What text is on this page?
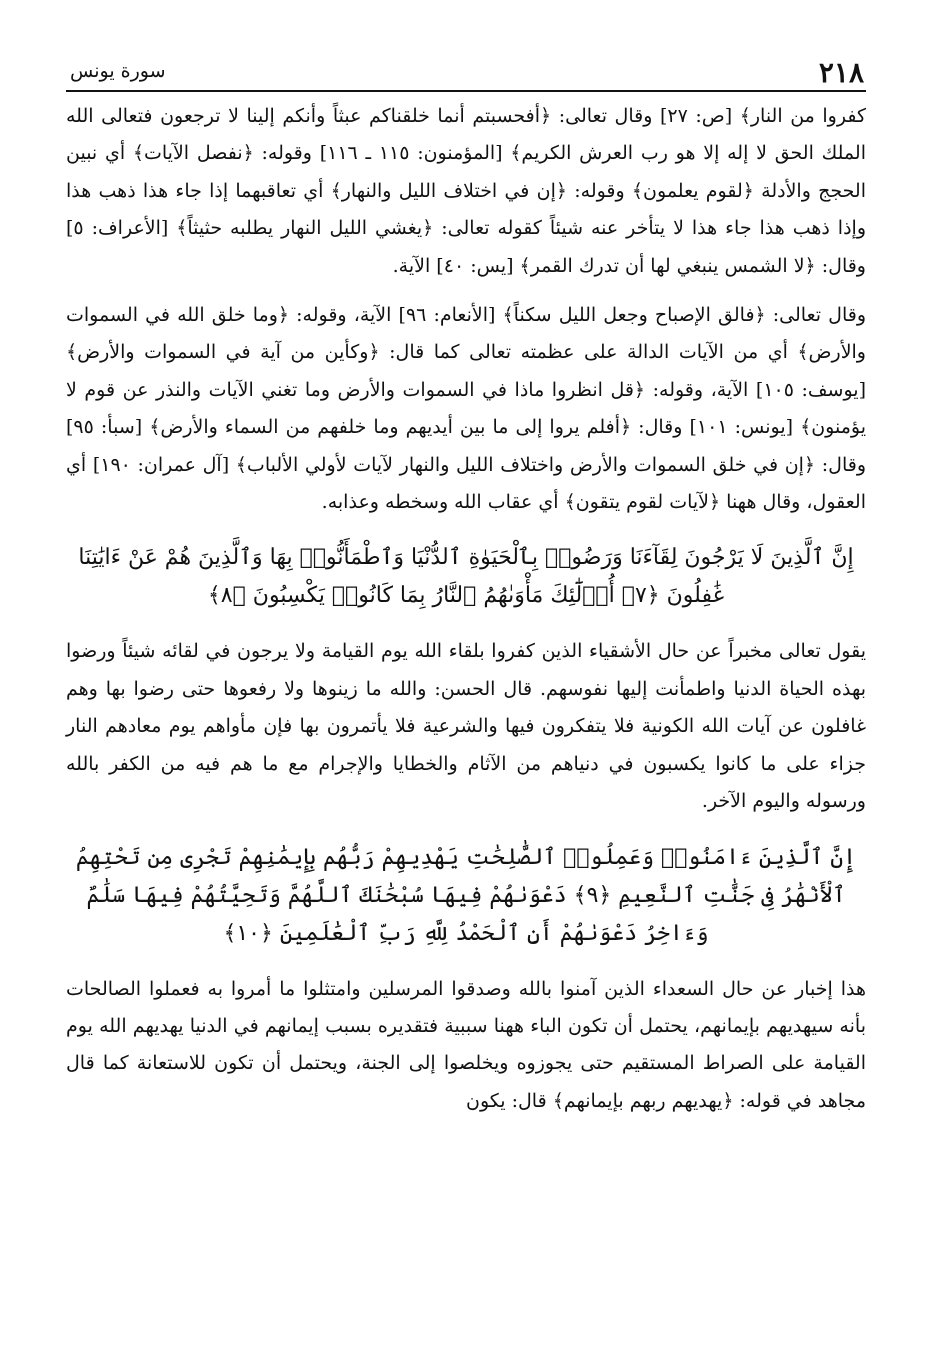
٢١٨
سورة يونس

كفروا من النار﴾ [ص: ٢٧] وقال تعالى: ﴿أفحسبتم أنما خلقناكم عبثاً وأنكم إلينا لا ترجعون فتعالى الله الملك الحق لا إله إلا هو رب العرش الكريم﴾ [المؤمنون: ١١٥ ـ ١١٦] وقوله: ﴿نفصل الآيات﴾ أي نبين الحجج والأدلة ﴿لقوم يعلمون﴾ وقوله: ﴿إن في اختلاف الليل والنهار﴾ أي تعاقبهما إذا جاء هذا ذهب هذا وإذا ذهب هذا جاء هذا لا يتأخر عنه شيئاً كقوله تعالى: ﴿يغشي الليل النهار يطلبه حثيثاً﴾ [الأعراف: ٥] وقال: ﴿لا الشمس ينبغي لها أن تدرك القمر﴾ [يس: ٤٠] الآية.

وقال تعالى: ﴿فالق الإصباح وجعل الليل سكناً﴾ [الأنعام: ٩٦] الآية، وقوله: ﴿وما خلق الله في السموات والأرض﴾ أي من الآيات الدالة على عظمته تعالى كما قال: ﴿وكأين من آية في السموات والأرض﴾ [يوسف: ١٠٥] الآية، وقوله: ﴿قل انظروا ماذا في السموات والأرض وما تغني الآيات والنذر عن قوم لا يؤمنون﴾ [يونس: ١٠١] وقال: ﴿أفلم يروا إلى ما بين أيديهم وما خلفهم من السماء والأرض﴾ [سبأ: ٩٥] وقال: ﴿إن في خلق السموات والأرض واختلاف الليل والنهار لآيات لأولي الألباب﴾ [آل عمران: ١٩٠] أي العقول، وقال ههنا ﴿لآيات لقوم يتقون﴾ أي عقاب الله وسخطه وعذابه.

إِنَّ ٱلَّذِينَ لَا يَرْجُونَ لِقَآءَنَا وَرَضُوا۟ بِٱلْحَيَوٰةِ ٱلدُّنْيَا وَٱطْمَأَنُّوا۟ بِهَا وَٱلَّذِينَ هُمْ عَنْ ءَايَٰتِنَا غَٰفِلُونَ ﴿٧﴾ أُو۟لَٰٓئِكَ مَأْوَىٰهُمُ ٱلنَّارُ بِمَا كَانُوا۟ يَكْسِبُونَ ﴿٨﴾

يقول تعالى مخبراً عن حال الأشقياء الذين كفروا بلقاء الله يوم القيامة ولا يرجون في لقائه شيئاً ورضوا بهذه الحياة الدنيا واطمأنت إليها نفوسهم. قال الحسن: والله ما زينوها ولا رفعوها حتى رضوا بها وهم غافلون عن آيات الله الكونية فلا يتفكرون فيها والشرعية فلا يأتمرون بها فإن مأواهم يوم معادهم النار جزاء على ما كانوا يكسبون في دنياهم من الآثام والخطايا والإجرام مع ما هم فيه من الكفر بالله ورسوله واليوم الآخر.

إِنَّ ٱلَّذِينَ ءَامَنُوا۟ وَعَمِلُوا۟ ٱلصَّٰلِحَٰتِ يَهْدِيهِمْ رَبُّهُم بِإِيمَٰنِهِمْ تَجْرِى مِن تَحْتِهِمُ ٱلْأَنْهَٰرُ فِى جَنَّٰتِ ٱلنَّعِيمِ ﴿٩﴾ دَعْوَىٰهُمْ فِيهَا سُبْحَٰنَكَ ٱللَّهُمَّ وَتَحِيَّتُهُمْ فِيهَا سَلَٰمٌ وَءَاخِرُ دَعْوَىٰهُمْ أَنِ ٱلْحَمْدُ لِلَّهِ رَبِّ ٱلْعَٰلَمِينَ ﴿١٠﴾

هذا إخبار عن حال السعداء الذين آمنوا بالله وصدقوا المرسلين وامتثلوا ما أمروا به فعملوا الصالحات بأنه سيهديهم بإيمانهم، يحتمل أن تكون الباء ههنا سببية فتقديره بسبب إيمانهم في الدنيا يهديهم الله يوم القيامة على الصراط المستقيم حتى يجوزوه ويخلصوا إلى الجنة، ويحتمل أن تكون للاستعانة كما قال مجاهد في قوله: ﴿يهديهم ربهم بإيمانهم﴾ قال: يكون
